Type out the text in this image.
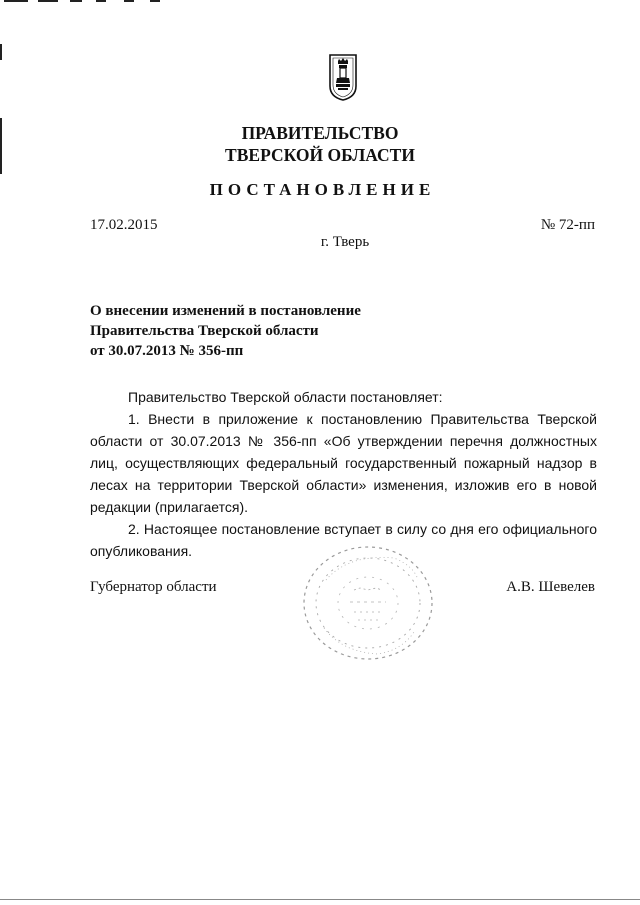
ПРАВИТЕЛЬСТВО
ТВЕРСКОЙ ОБЛАСТИ
ПОСТАНОВЛЕНИЕ
17.02.2015	№ 72-пп
г. Тверь
О внесении изменений в постановление
Правительства Тверской области
от 30.07.2013 № 356-пп

Правительство Тверской области постановляет:

1. Внести в приложение к постановлению Правительства Тверской области от 30.07.2013 № 356-пп «Об утверждении перечня должностных лиц, осуществляющих федеральный государственный пожарный надзор в лесах на территории Тверской области» изменения, изложив его в новой редакции (прилагается).

2. Настоящее постановление вступает в силу со дня его официального опубликования.

Губернатор области	А.В. Шевелев
